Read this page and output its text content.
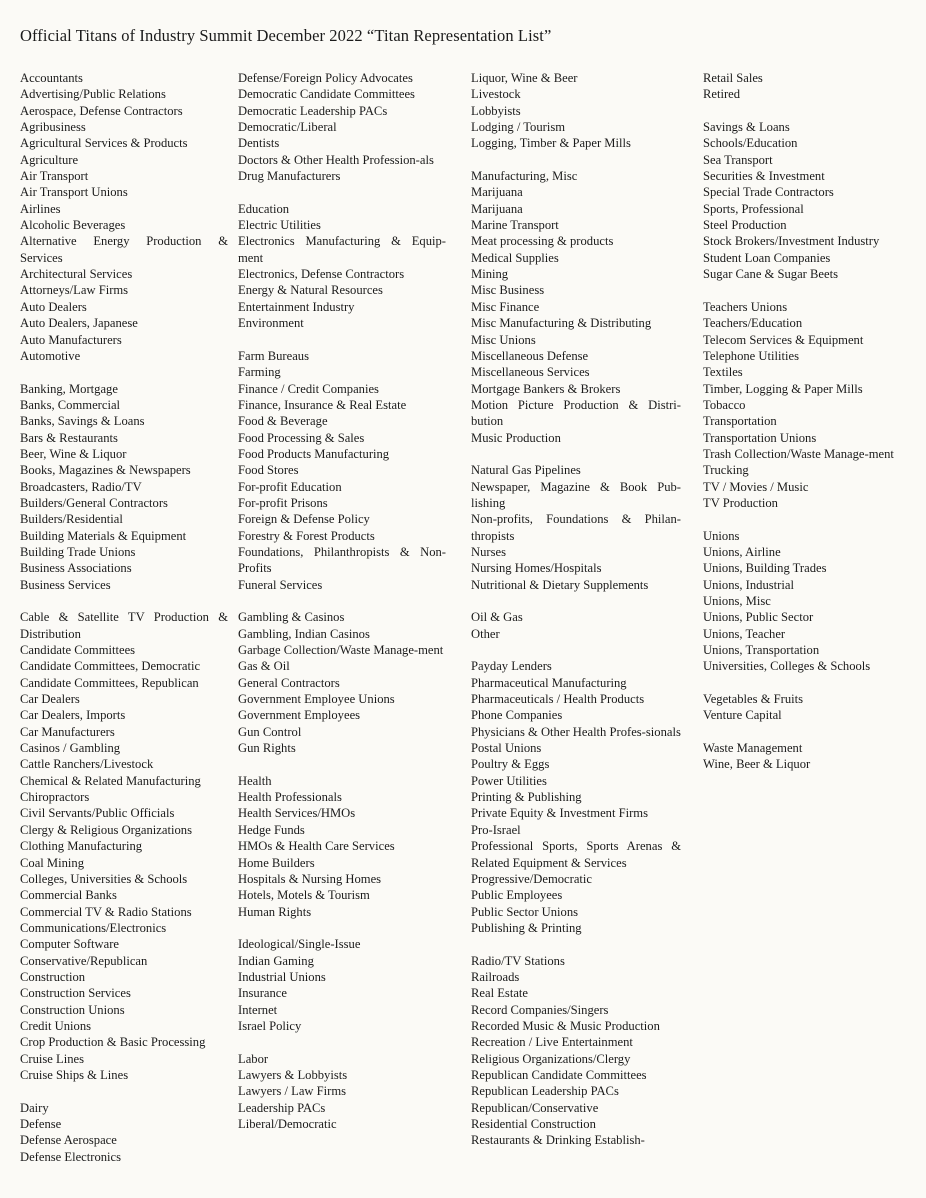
Official Titans of Industry Summit December 2022 “Titan Representation List”
Accountants
Advertising/Public Relations
Aerospace, Defense Contractors
Agribusiness
Agricultural Services & Products
Agriculture
Air Transport
Air Transport Unions
Airlines
Alcoholic Beverages
Alternative Energy Production & Services
Architectural Services
Attorneys/Law Firms
Auto Dealers
Auto Dealers, Japanese
Auto Manufacturers
Automotive
Banking, Mortgage
Banks, Commercial
Banks, Savings & Loans
Bars & Restaurants
Beer, Wine & Liquor
Books, Magazines & Newspapers
Broadcasters, Radio/TV
Builders/General Contractors
Builders/Residential
Building Materials & Equipment
Building Trade Unions
Business Associations
Business Services
Cable & Satellite TV Production & Distribution
Candidate Committees
Candidate Committees, Democratic
Candidate Committees, Republican
Car Dealers
Car Dealers, Imports
Car Manufacturers
Casinos / Gambling
Cattle Ranchers/Livestock
Chemical & Related Manufacturing
Chiropractors
Civil Servants/Public Officials
Clergy & Religious Organizations
Clothing Manufacturing
Coal Mining
Colleges, Universities & Schools
Commercial Banks
Commercial TV & Radio Stations
Communications/Electronics
Computer Software
Conservative/Republican
Construction
Construction Services
Construction Unions
Credit Unions
Crop Production & Basic Processing
Cruise Lines
Cruise Ships & Lines
Dairy
Defense
Defense Aerospace
Defense Electronics
Defense/Foreign Policy Advocates
Democratic Candidate Committees
Democratic Leadership PACs
Democratic/Liberal
Dentists
Doctors & Other Health Profession-als
Drug Manufacturers
Education
Electric Utilities
Electronics Manufacturing & Equip-ment
Electronics, Defense Contractors
Energy & Natural Resources
Entertainment Industry
Environment
Farm Bureaus
Farming
Finance / Credit Companies
Finance, Insurance & Real Estate
Food & Beverage
Food Processing & Sales
Food Products Manufacturing
Food Stores
For-profit Education
For-profit Prisons
Foreign & Defense Policy
Forestry & Forest Products
Foundations, Philanthropists & Non-Profits
Funeral Services
Gambling & Casinos
Gambling, Indian Casinos
Garbage Collection/Waste Manage-ment
Gas & Oil
General Contractors
Government Employee Unions
Government Employees
Gun Control
Gun Rights
Health
Health Professionals
Health Services/HMOs
Hedge Funds
HMOs & Health Care Services
Home Builders
Hospitals & Nursing Homes
Hotels, Motels & Tourism
Human Rights
Ideological/Single-Issue
Indian Gaming
Industrial Unions
Insurance
Internet
Israel Policy
Labor
Lawyers & Lobbyists
Lawyers / Law Firms
Leadership PACs
Liberal/Democratic
Liquor, Wine & Beer
Livestock
Lobbyists
Lodging / Tourism
Logging, Timber & Paper Mills
Manufacturing, Misc
Marijuana
Marijuana
Marine Transport
Meat processing & products
Medical Supplies
Mining
Misc Business
Misc Finance
Misc Manufacturing & Distributing
Misc Unions
Miscellaneous Defense
Miscellaneous Services
Mortgage Bankers & Brokers
Motion Picture Production & Distri-bution
Music Production
Natural Gas Pipelines
Newspaper, Magazine & Book Pub-lishing
Non-profits, Foundations & Philan-thropists
Nurses
Nursing Homes/Hospitals
Nutritional & Dietary Supplements
Oil & Gas
Other
Payday Lenders
Pharmaceutical Manufacturing
Pharmaceuticals / Health Products
Phone Companies
Physicians & Other Health Profes-sionals
Postal Unions
Poultry & Eggs
Power Utilities
Printing & Publishing
Private Equity & Investment Firms
Pro-Israel
Professional Sports, Sports Arenas & Related Equipment & Services
Progressive/Democratic
Public Employees
Public Sector Unions
Publishing & Printing
Radio/TV Stations
Railroads
Real Estate
Record Companies/Singers
Recorded Music & Music Production
Recreation / Live Entertainment
Religious Organizations/Clergy
Republican Candidate Committees
Republican Leadership PACs
Republican/Conservative
Residential Construction
Restaurants & Drinking Establish-
Retail Sales
Retired
Savings & Loans
Schools/Education
Sea Transport
Securities & Investment
Special Trade Contractors
Sports, Professional
Steel Production
Stock Brokers/Investment Industry
Student Loan Companies
Sugar Cane & Sugar Beets
Teachers Unions
Teachers/Education
Telecom Services & Equipment
Telephone Utilities
Textiles
Timber, Logging & Paper Mills
Tobacco
Transportation
Transportation Unions
Trash Collection/Waste Manage-ment
Trucking
TV / Movies / Music
TV Production
Unions
Unions, Airline
Unions, Building Trades
Unions, Industrial
Unions, Misc
Unions, Public Sector
Unions, Teacher
Unions, Transportation
Universities, Colleges & Schools
Vegetables & Fruits
Venture Capital
Waste Management
Wine, Beer & Liquor
